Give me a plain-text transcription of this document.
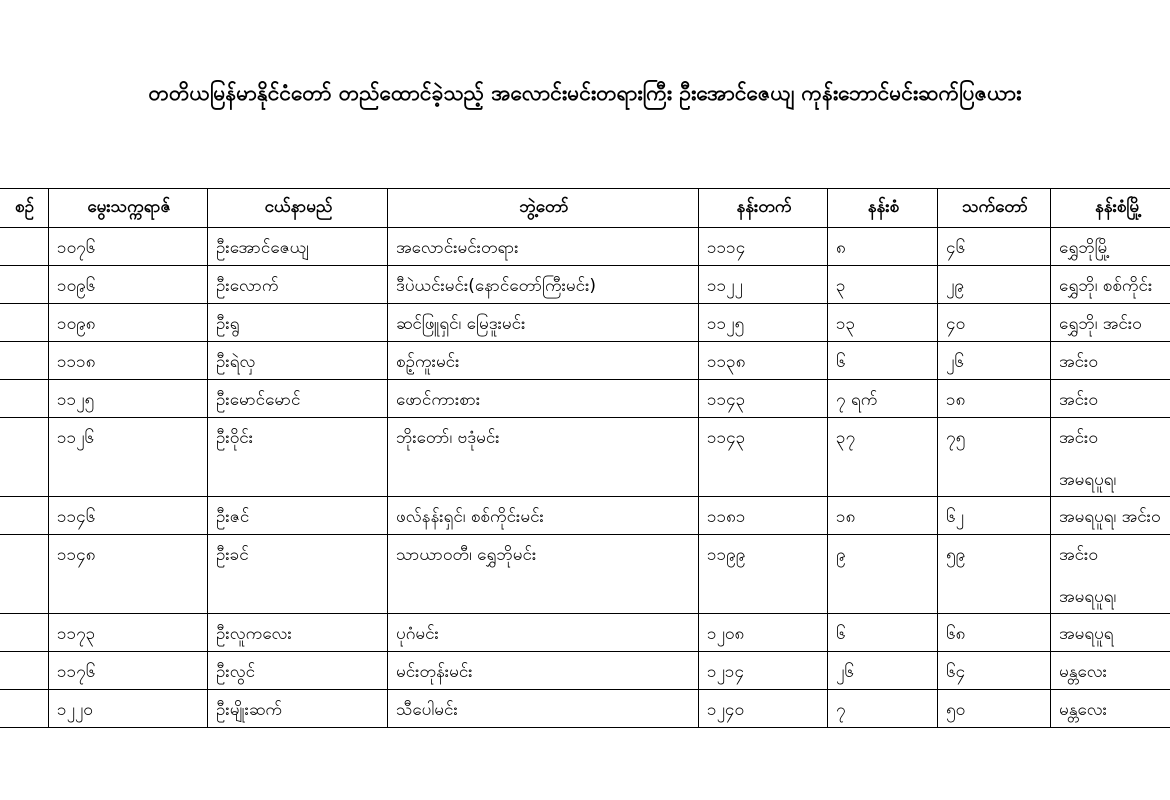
တတိယမြန်မာနိုင်ငံတော် တည်ထောင်ခဲ့သည့် အလောင်းမင်းတရားကြီး ဦးအောင်ဇေယျ ကုန်းဘောင်မင်းဆက်ပြဇယား
စဉ်	မွေးသက္ကရာဇ်	ငယ်နာမည်	ဘွဲ့တော်	နန်းတက်	နန်းစံ	သက်တော်	နန်းစံမြို့
	၁၀၇၆	ဦးအောင်ဇေယျ	အလောင်းမင်းတရား	၁၁၁၄	၈	၄၆	ရွှေဘိုမြို့

	၁၀၉၆	ဦးလောက်	ဒီပဲယင်းမင်း(နောင်တော်ကြီးမင်း)	၁၁၂၂	၃	၂၉	ရွှေဘို၊ စစ်ကိုင်း

	၁၀၉၈	ဦးရွ	ဆင်ဖြူရှင်၊ မြေဒူးမင်း	၁၁၂၅	၁၃	၄၀	ရွှေဘို၊ အင်းဝ

	၁၁၁၈	ဦးရဲလှ	စဉ့်ကူးမင်း	၁၁၃၈	၆	၂၆	အင်းဝ

	၁၁၂၅	ဦးမောင်မောင်	ဖောင်ကားစား	၁၁၄၃	၇ ရက်	၁၈	အင်းဝ

	၁၁၂၆	ဦးဝိုင်း	ဘိုးတော်၊ ဗဒုံမင်း	၁၁၄၃	၃၇	၇၅	အင်းဝ
အမရပူရ၊

	၁၁၄၆	ဦးဇင်	ဖလ်နန်းရှင်၊ စစ်ကိုင်းမင်း	၁၁၈၁	၁၈	၆၂	အမရပူရ၊ အင်းဝ

	၁၁၄၈	ဦးခင်	သာယာဝတီ၊ ရွှေဘိုမင်း	၁၁၉၉	၉	၅၉	အင်းဝ
အမရပူရ၊

	၁၁၇၃	ဦးလူကလေး	ပုဂံမင်း	၁၂၀၈	၆	၆၈	အမရပူရ

	၁၁၇၆	ဦးလွင်	မင်းတုန်းမင်း	၁၂၁၄	၂၆	၆၄	မန္တလေး

	၁၂၂၀	ဦးမျိုးဆက်	သီပေါမင်း	၁၂၄၀	၇	၅၀	မန္တလေး
